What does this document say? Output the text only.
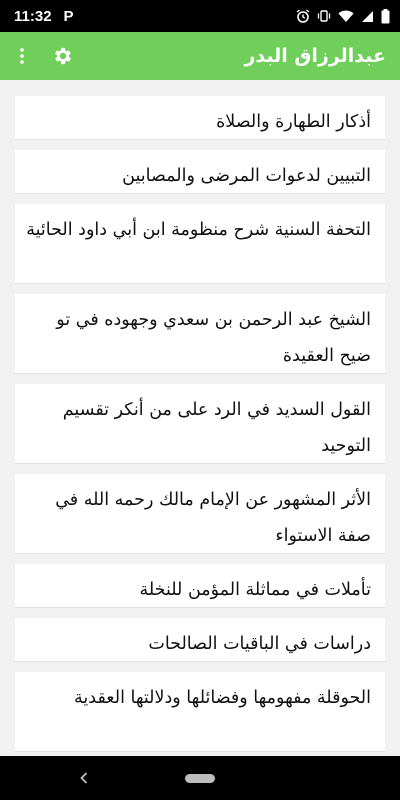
11:32 P
عبدالرزاق البدر
أذكار الطهارة والصلاة
التبيين لدعوات المرضى والمصابين
التحفة السنية شرح منظومة ابن أبي داود الحائية
الشيخ عبد الرحمن بن سعدي وجهوده في تو ضيح العقيدة
القول السديد في الرد على من أنكر تقسيم التوحيد
الأثر المشهور عن الإمام مالك رحمه الله في صفة الاستواء
تأملات في مماثلة المؤمن للنخلة
دراسات في الباقيات الصالحات
الحوقلة مفهومها وفضائلها ودلالتها العقدية
